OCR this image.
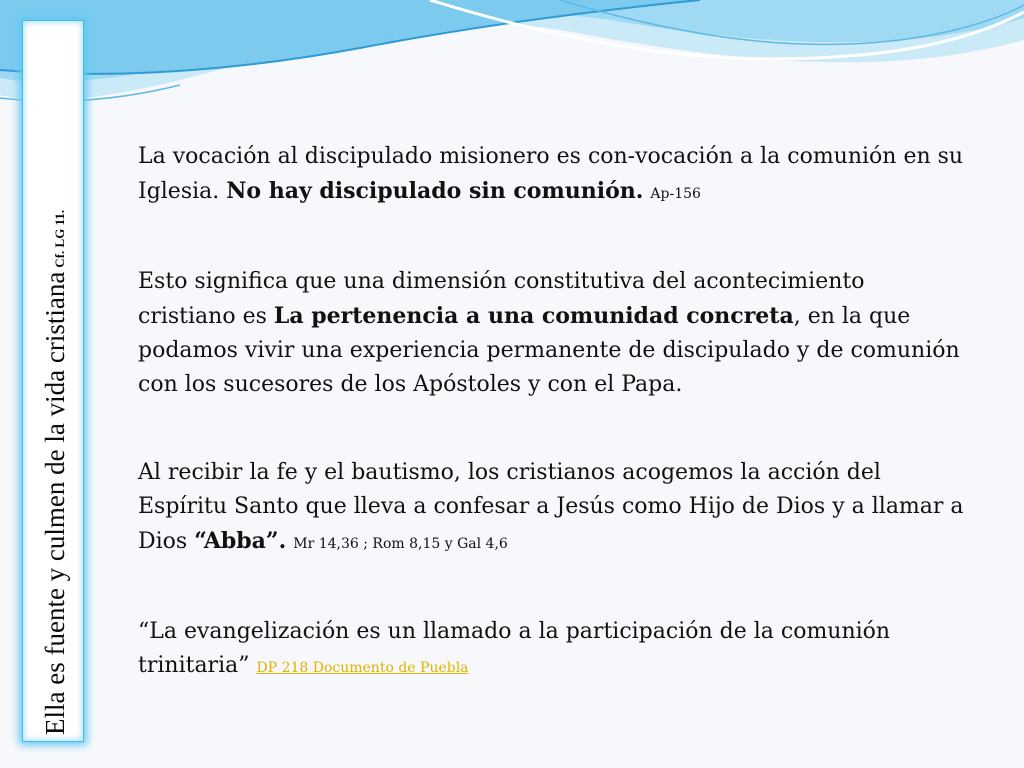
Ella es fuente y culmen de la vida cristianaCf. LG 11.

La vocación al discipulado misionero es con-vocación a la comunión en su Iglesia. No hay discipulado sin comunión. Ap-156

Esto significa que una dimensión constitutiva del acontecimiento cristiano es La pertenencia a una comunidad concreta, en la que podamos vivir una experiencia permanente de discipulado y de comunión con los sucesores de los Apóstoles y con el Papa.

Al recibir la fe y el bautismo, los cristianos acogemos la acción del Espíritu Santo que lleva a confesar a Jesús como Hijo de Dios y a llamar a Dios “Abba”. Mr 14,36 ; Rom 8,15 y Gal 4,6

“La evangelización es un llamado a la participación de la comunión trinitaria” DP 218 Documento de Puebla
